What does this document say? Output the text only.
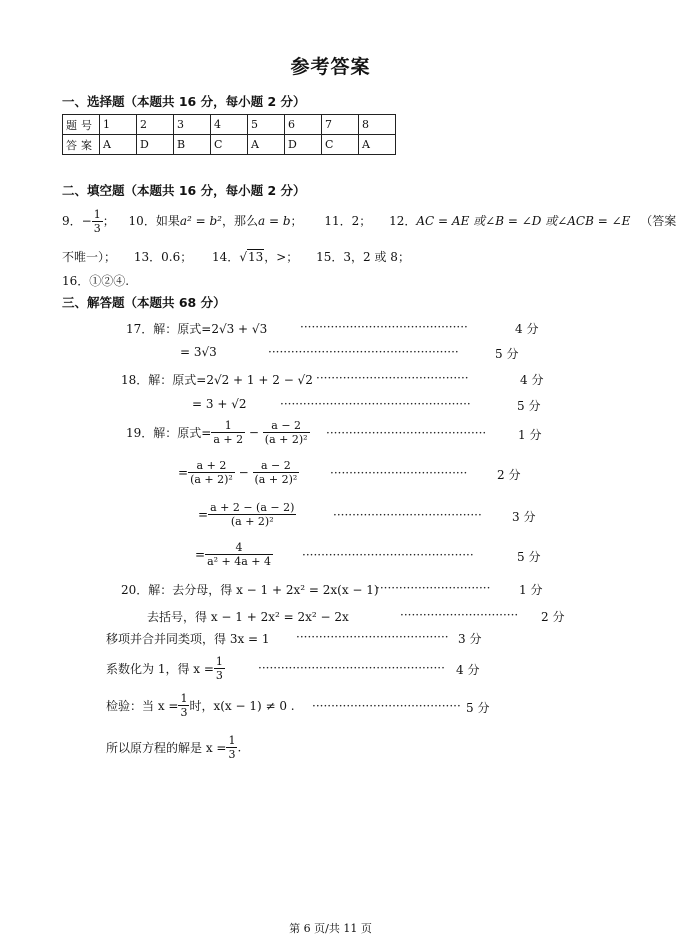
参考答案
一、选择题（本题共 16 分，每小题 2 分）
题号	1	2	3	4	5	6	7	8
答案	A	D	B	C	A	D	C	A
二、填空题（本题共 16 分，每小题 2 分）
9．− $\frac{1}{3}$ ； 10．如果a² = b²，那么a = b； 11．2； 12．AC = AE 或∠B = ∠D 或∠ACB = ∠E （答案
不唯一）； 13．0.6； 14．√13，>； 15．3，2 或 8；
16．①②④.
三、解答题（本题共 68 分）
17．解：原式=2√3 + √3	············································	4 分
= 3√3	··················································	5 分
18．解：原式=2√2 + 1 + 2 − √2 ········································	4 分
= 3 + √2	··················································	5 分
19．解：原式= $\frac{1}{a + 2} - \frac{a - 2}{\text{(a + 2)²}}$ ··········································	1 分
= $\frac{a + 2}{\text{(a + 2)²}} - \frac{a - 2}{\text{(a + 2)²}}$	···································· 2 分
= $\frac{a + 2 - (a - 2)}{\text{(a + 2)²}}$	·······································	3 分
= $\frac{4}{\text{a² + 4a + 4}}$ ·············································	5 分
20．解：去分母，得 x − 1 + 2x² = 2x(x − 1)
······························ 1 分
去括号，得 x − 1 + 2x² = 2x² − 2x	······························· 2 分
移项并合并同类项，得 3x = 1 ········································ 3 分
系数化为 1，得 $x = \frac{1}{3}$	················································· 4 分
检验：当 $x = \frac{1}{3}$ 时，x(x − 1) ≠ 0 . ······································· 5 分
所以原方程的解是 $x = \frac{1}{3}$ .
第 6 页/共 11 页
